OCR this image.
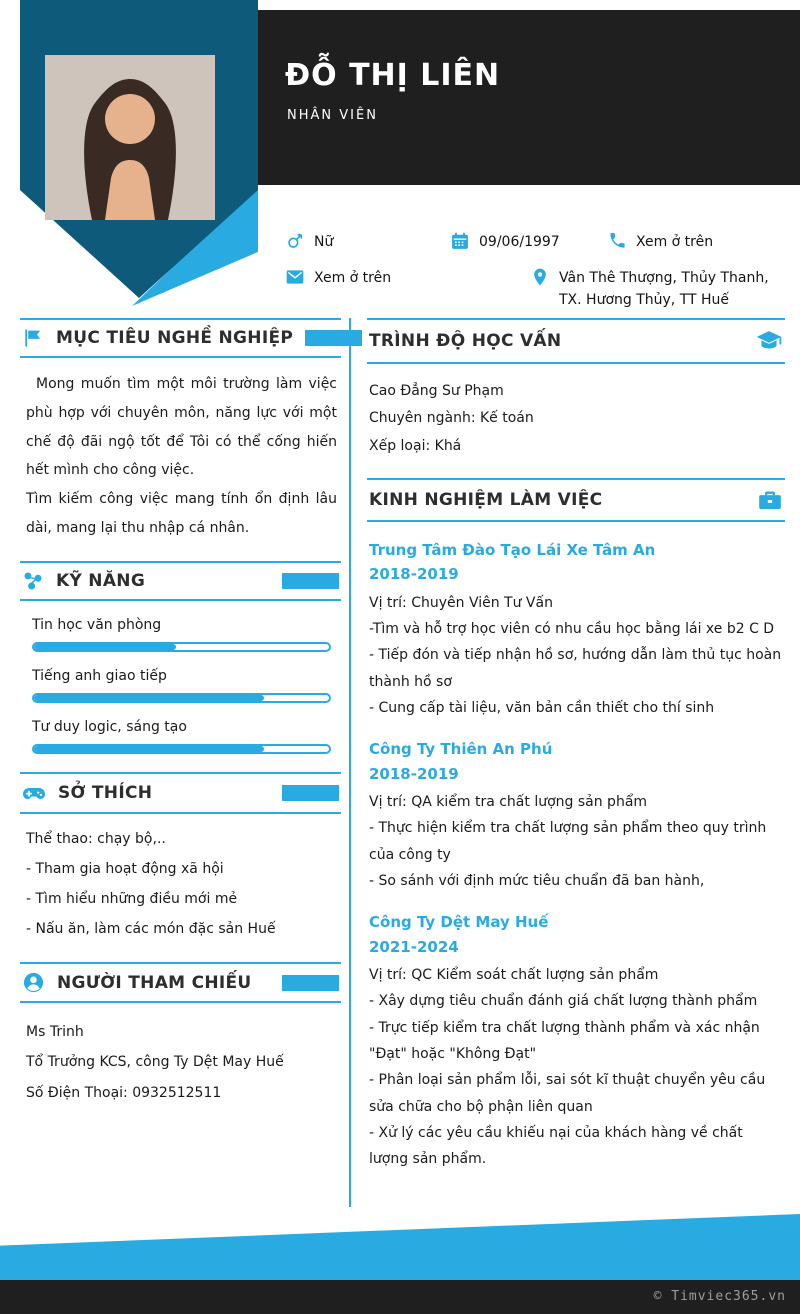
ĐỖ THỊ LIÊN
NHÂN VIÊN
Nữ	09/06/1997	Xem ở trên
Xem ở trên	Vân Thê Thượng, Thủy Thanh,
TX. Hương Thủy, TT Huế
MỤC TIÊU NGHỀ NGHIỆP

Mong muốn tìm một môi trường làm việc phù hợp với chuyên môn, năng lực với một chế độ đãi ngộ tốt để Tôi có thể cống hiến hết mình cho công việc.

Tìm kiếm công việc mang tính ổn định lâu dài, mang lại thu nhập cá nhân.

KỸ NĂNG
Tin học văn phòng
Tiếng anh giao tiếp
Tư duy logic, sáng tạo
SỞ THÍCH
Thể thao: chạy bộ,..
- Tham gia hoạt động xã hội
- Tìm hiểu những điều mới mẻ
- Nấu ăn, làm các món đặc sản Huế
NGƯỜI THAM CHIẾU
Ms Trinh
Tổ Trưởng KCS, công Ty Dệt May Huế
Số Điện Thoại: 0932512511
TRÌNH ĐỘ HỌC VẤN
Cao Đẳng Sư Phạm
Chuyên ngành: Kế toán
Xếp loại: Khá
KINH NGHIỆM LÀM VIỆC
Trung Tâm Đào Tạo Lái Xe Tâm An
2018-2019
Vị trí: Chuyên Viên Tư Vấn
-Tìm và hỗ trợ học viên có nhu cầu học bằng lái xe b2 C D
- Tiếp đón và tiếp nhận hồ sơ, hướng dẫn làm thủ tục hoàn thành hồ sơ
- Cung cấp tài liệu, văn bản cần thiết cho thí sinh
Công Ty Thiên An Phú
2018-2019
Vị trí: QA kiểm tra chất lượng sản phẩm
- Thực hiện kiểm tra chất lượng sản phẩm theo quy trình của công ty
- So sánh với định mức tiêu chuẩn đã ban hành,
Công Ty Dệt May Huế
2021-2024
Vị trí: QC Kiểm soát chất lượng sản phẩm
- Xây dựng tiêu chuẩn đánh giá chất lượng thành phẩm
- Trực tiếp kiểm tra chất lượng thành phẩm và xác nhận "Đạt" hoặc "Không Đạt"
- Phân loại sản phẩm lỗi, sai sót kĩ thuật chuyển yêu cầu sửa chữa cho bộ phận liên quan
- Xử lý các yêu cầu khiếu nại của khách hàng về chất lượng sản phẩm.
© Timviec365.vn
